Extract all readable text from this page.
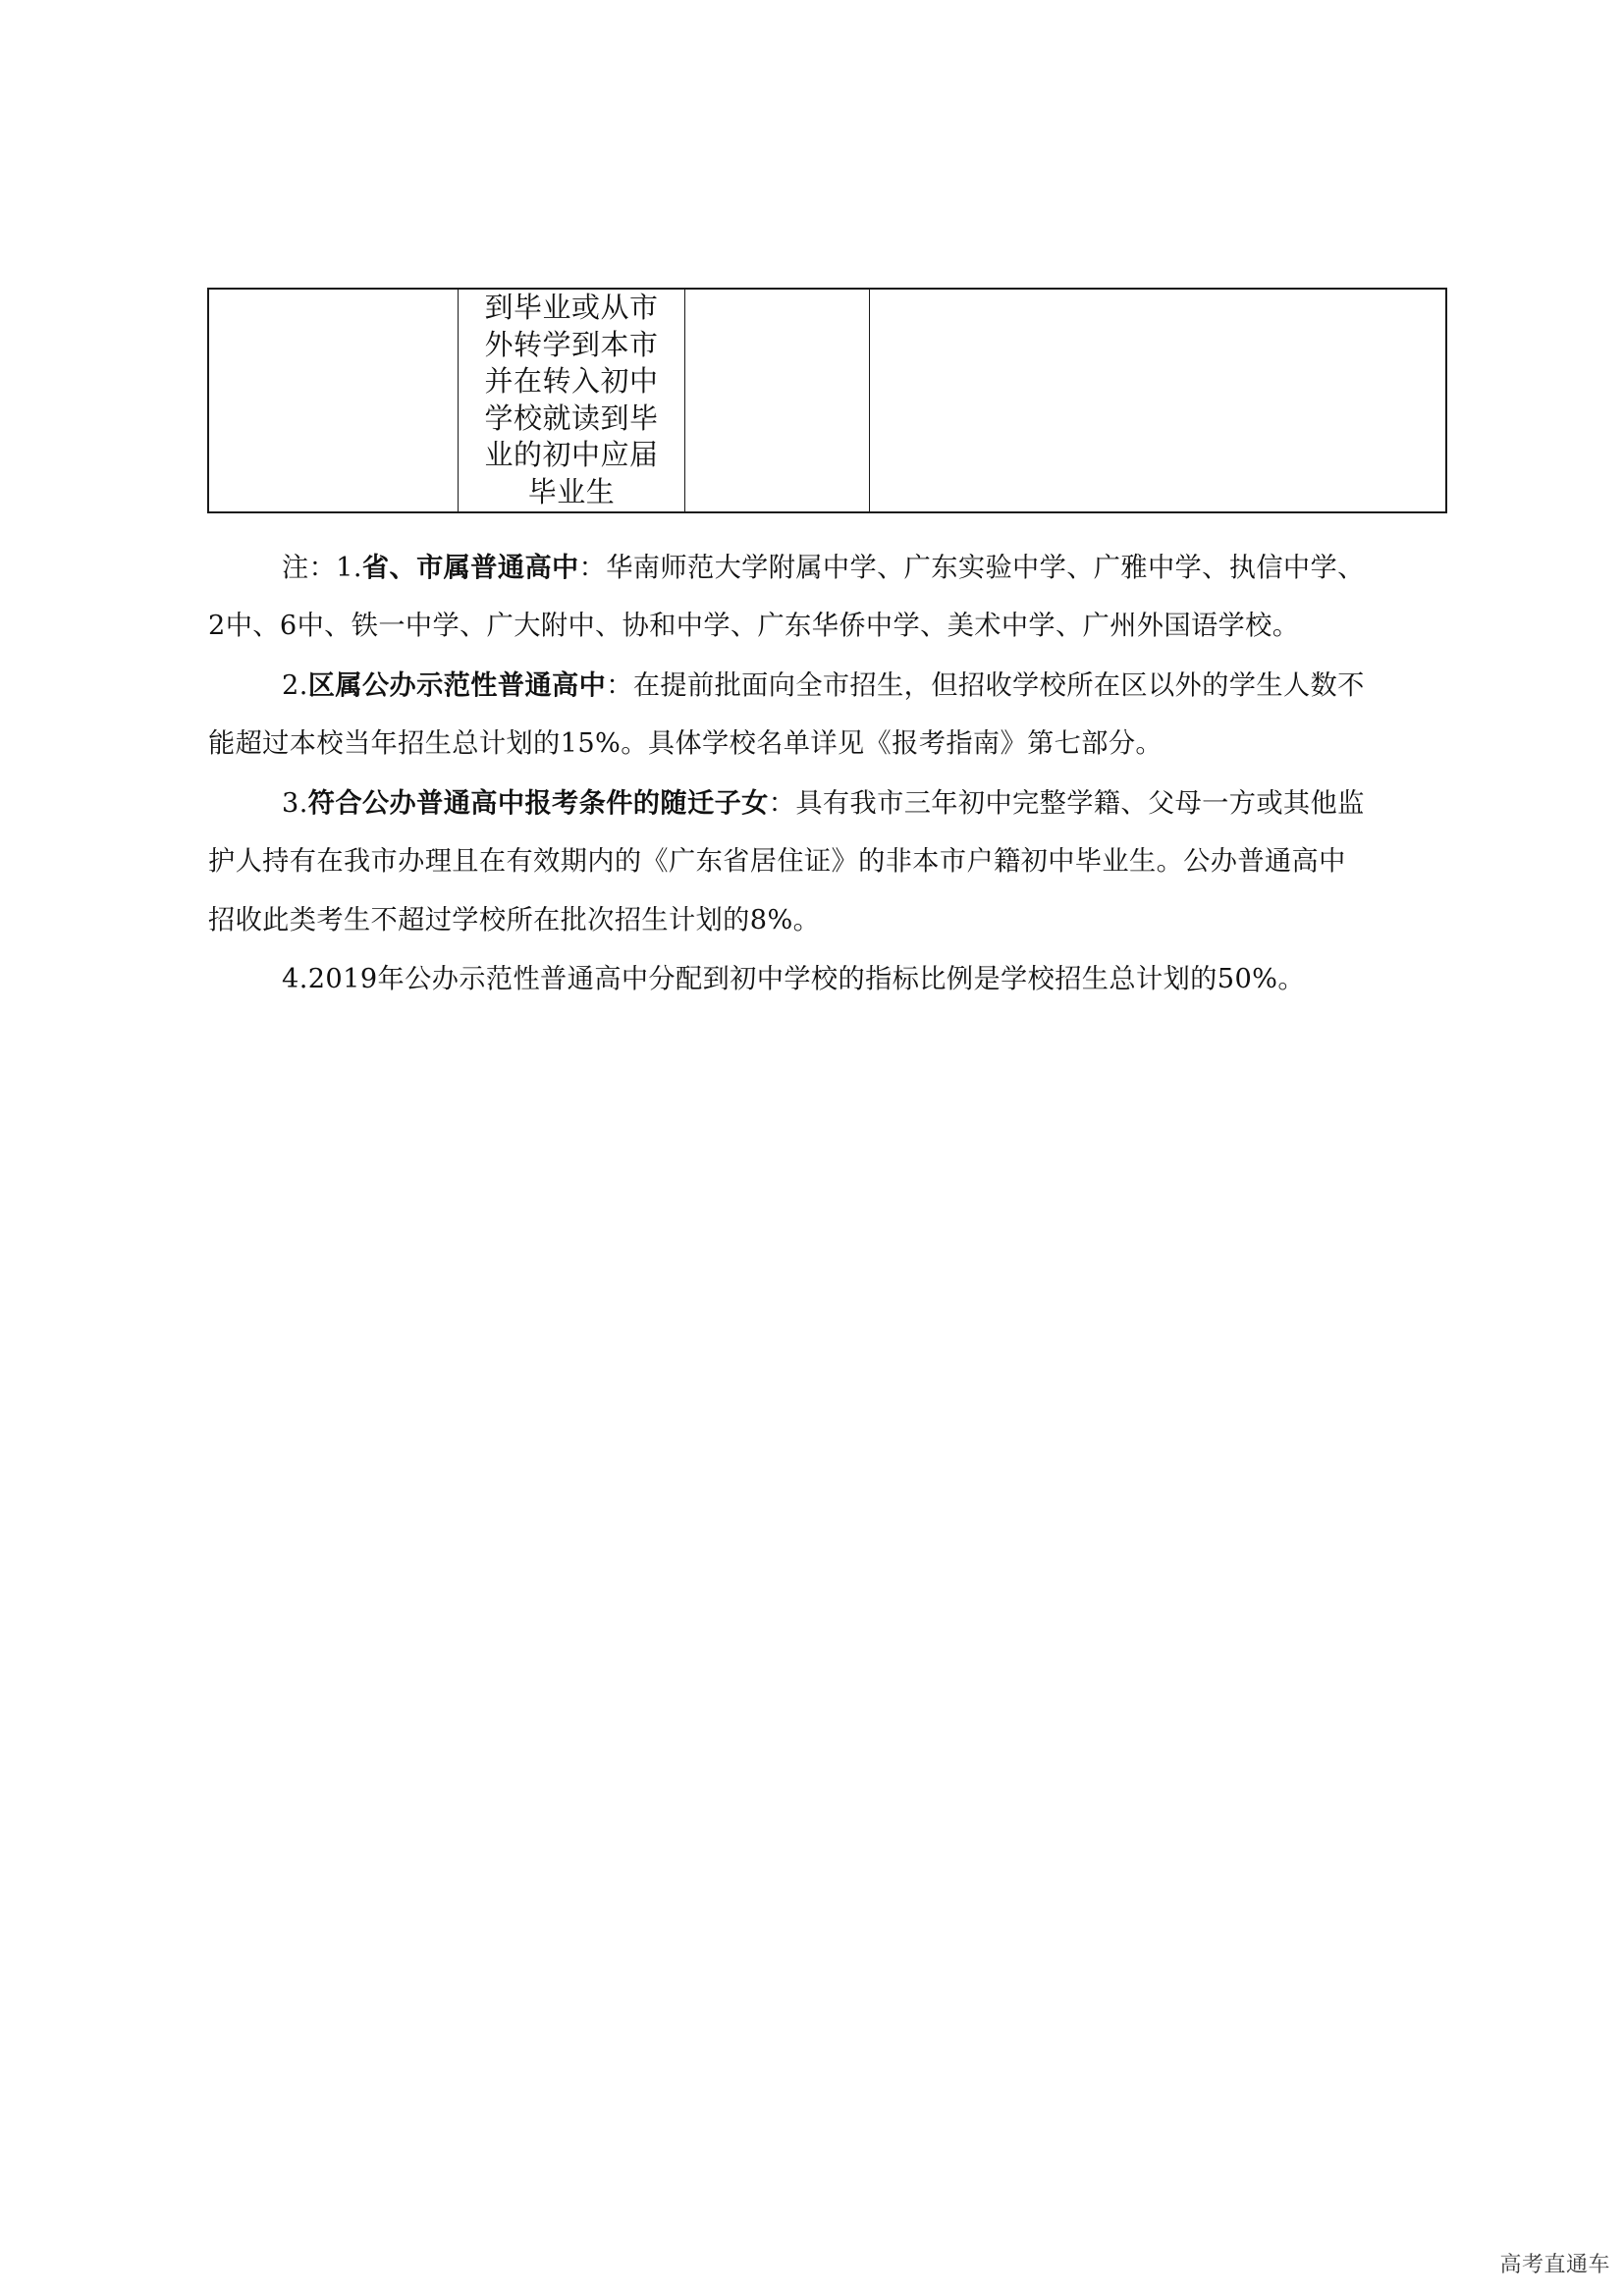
到毕业或从市
外转学到本市
并在转入初中
学校就读到毕
业的初中应届
毕业生

注：1.省、市属普通高中：华南师范大学附属中学、广东实验中学、广雅中学、执信中学、
2中、6中、铁一中学、广大附中、协和中学、广东华侨中学、美术中学、广州外国语学校。
2.区属公办示范性普通高中：在提前批面向全市招生，但招收学校所在区以外的学生人数不
能超过本校当年招生总计划的15%。具体学校名单详见《报考指南》第七部分。
3.符合公办普通高中报考条件的随迁子女：具有我市三年初中完整学籍、父母一方或其他监
护人持有在我市办理且在有效期内的《广东省居住证》的非本市户籍初中毕业生。公办普通高中
招收此类考生不超过学校所在批次招生计划的8%。
4.2019年公办示范性普通高中分配到初中学校的指标比例是学校招生总计划的50%。
高考直通车
